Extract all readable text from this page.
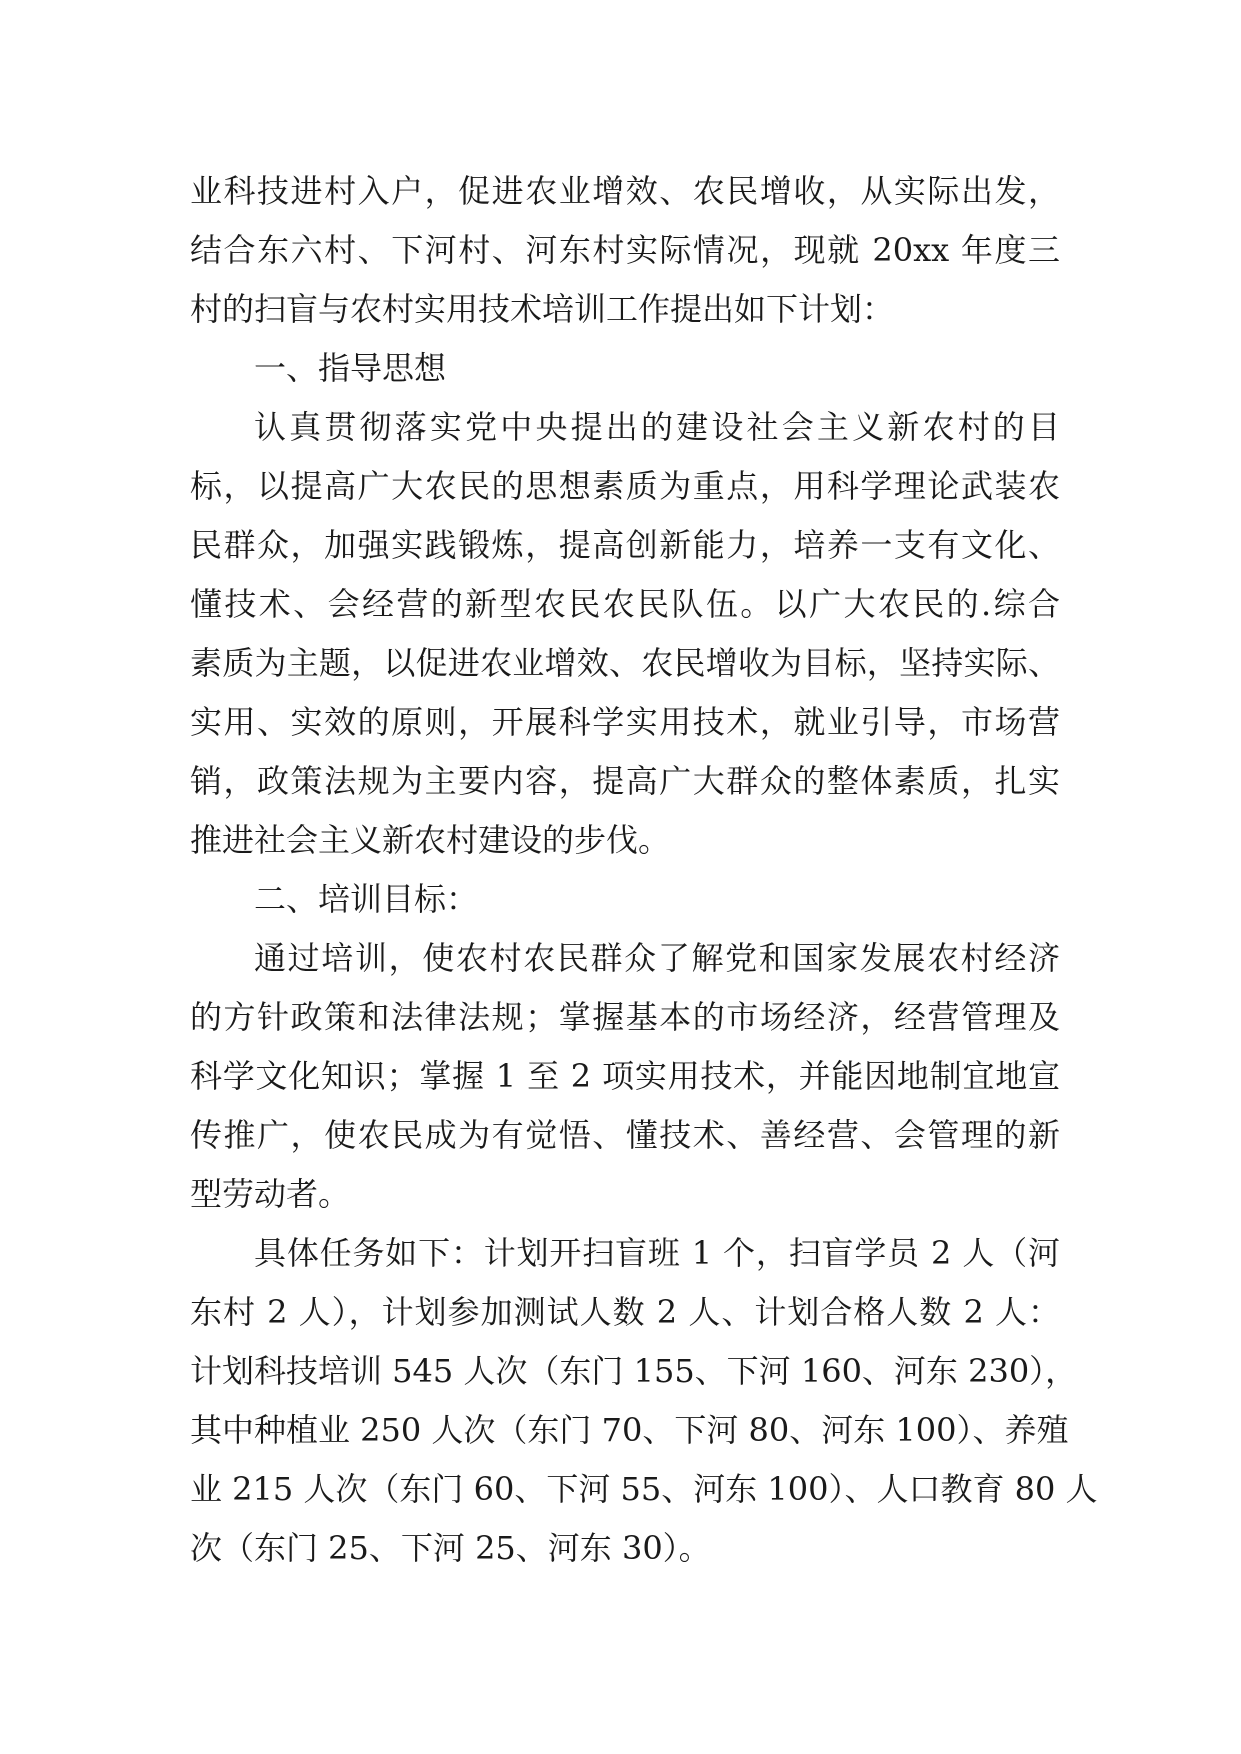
业科技进村入户，促进农业增效、农民增收，从实际出发，
结合东六村、下河村、河东村实际情况，现就 20xx 年度三
村的扫盲与农村实用技术培训工作提出如下计划：
一、指导思想
认真贯彻落实党中央提出的建设社会主义新农村的目
标，以提高广大农民的思想素质为重点，用科学理论武装农
民群众，加强实践锻炼，提高创新能力，培养一支有文化、
懂技术、会经营的新型农民农民队伍。以广大农民的.综合
素质为主题，以促进农业增效、农民增收为目标，坚持实际、
实用、实效的原则，开展科学实用技术，就业引导，市场营
销，政策法规为主要内容，提高广大群众的整体素质，扎实
推进社会主义新农村建设的步伐。
二、培训目标：
通过培训，使农村农民群众了解党和国家发展农村经济
的方针政策和法律法规；掌握基本的市场经济，经营管理及
科学文化知识；掌握 1 至 2 项实用技术，并能因地制宜地宣
传推广，使农民成为有觉悟、懂技术、善经营、会管理的新
型劳动者。
具体任务如下：计划开扫盲班 1 个，扫盲学员 2 人（河
东村 2 人），计划参加测试人数 2 人、计划合格人数 2 人：
计划科技培训 545 人次（东门 155、下河 160、河东 230），
其中种植业 250 人次（东门 70、下河 80、河东 100）、养殖
业 215 人次（东门 60、下河 55、河东 100）、人口教育 80 人
次（东门 25、下河 25、河东 30）。
